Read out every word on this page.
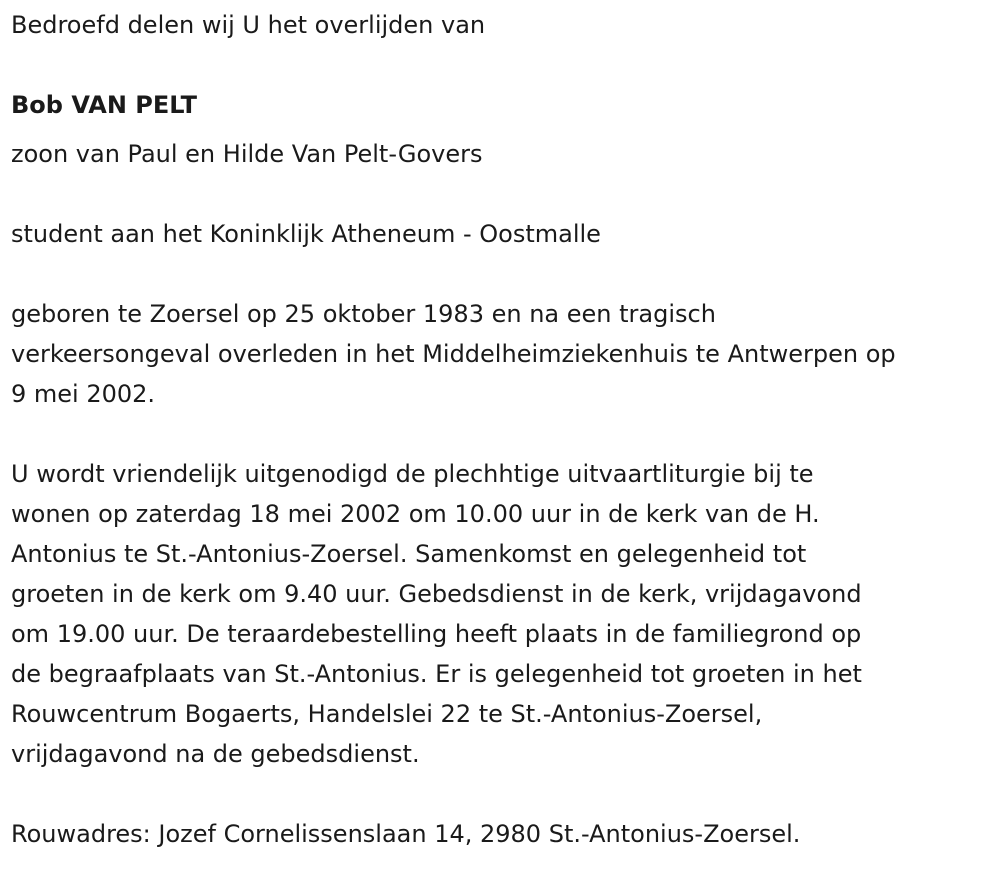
Bedroefd delen wij U het overlijden van
Bob VAN PELT
zoon van Paul en Hilde Van Pelt-Govers
student aan het Koninklijk Atheneum - Oostmalle
geboren te Zoersel op 25 oktober 1983 en na een tragisch
verkeersongeval overleden in het Middelheimziekenhuis te Antwerpen op
9 mei 2002.
U wordt vriendelijk uitgenodigd de plechhtige uitvaartliturgie bij te
wonen op zaterdag 18 mei 2002 om 10.00 uur in de kerk van de H.
Antonius te St.-Antonius-Zoersel. Samenkomst en gelegenheid tot
groeten in de kerk om 9.40 uur. Gebedsdienst in de kerk, vrijdagavond
om 19.00 uur. De teraardebestelling heeft plaats in de familiegrond op
de begraafplaats van St.-Antonius. Er is gelegenheid tot groeten in het
Rouwcentrum Bogaerts, Handelslei 22 te St.-Antonius-Zoersel,
vrijdagavond na de gebedsdienst.
Rouwadres: Jozef Cornelissenslaan 14, 2980 St.-Antonius-Zoersel.
